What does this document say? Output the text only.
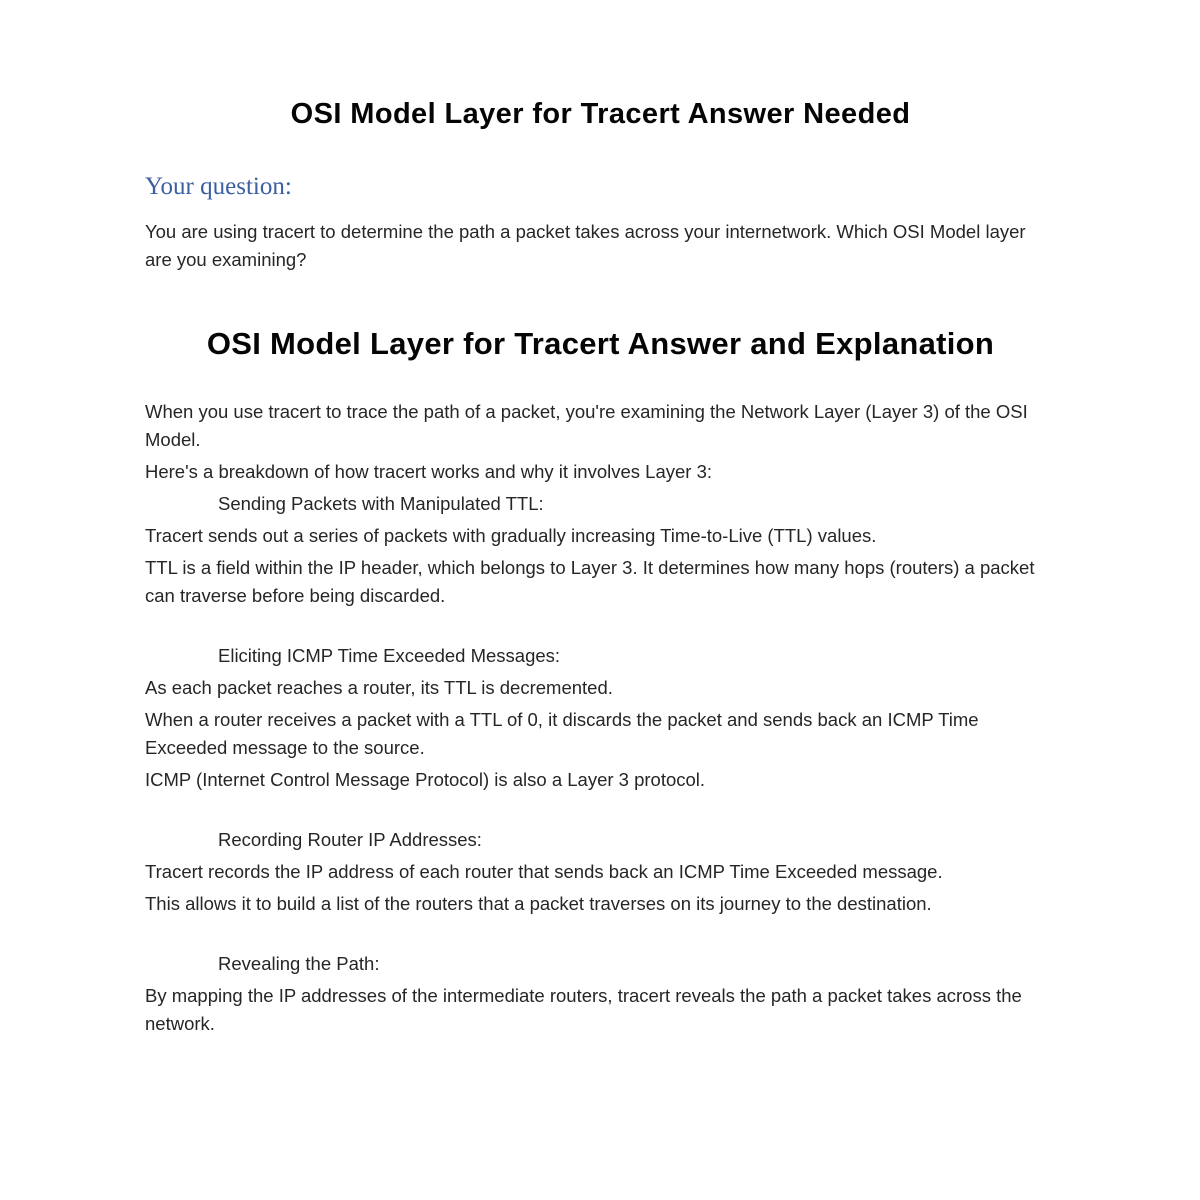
OSI Model Layer for Tracert Answer Needed
Your question:

You are using tracert to determine the path a packet takes across your internetwork. Which OSI Model layer are you examining?

OSI Model Layer for Tracert Answer and Explanation

When you use tracert to trace the path of a packet, you're examining the Network Layer (Layer 3) of the OSI Model.

Here's a breakdown of how tracert works and why it involves Layer 3:

Sending Packets with Manipulated TTL:

Tracert sends out a series of packets with gradually increasing Time-to-Live (TTL) values.

TTL is a field within the IP header, which belongs to Layer 3. It determines how many hops (routers) a packet can traverse before being discarded.

Eliciting ICMP Time Exceeded Messages:

As each packet reaches a router, its TTL is decremented.

When a router receives a packet with a TTL of 0, it discards the packet and sends back an ICMP Time Exceeded message to the source.

ICMP (Internet Control Message Protocol) is also a Layer 3 protocol.

Recording Router IP Addresses:

Tracert records the IP address of each router that sends back an ICMP Time Exceeded message.

This allows it to build a list of the routers that a packet traverses on its journey to the destination.

Revealing the Path:

By mapping the IP addresses of the intermediate routers, tracert reveals the path a packet takes across the network.
